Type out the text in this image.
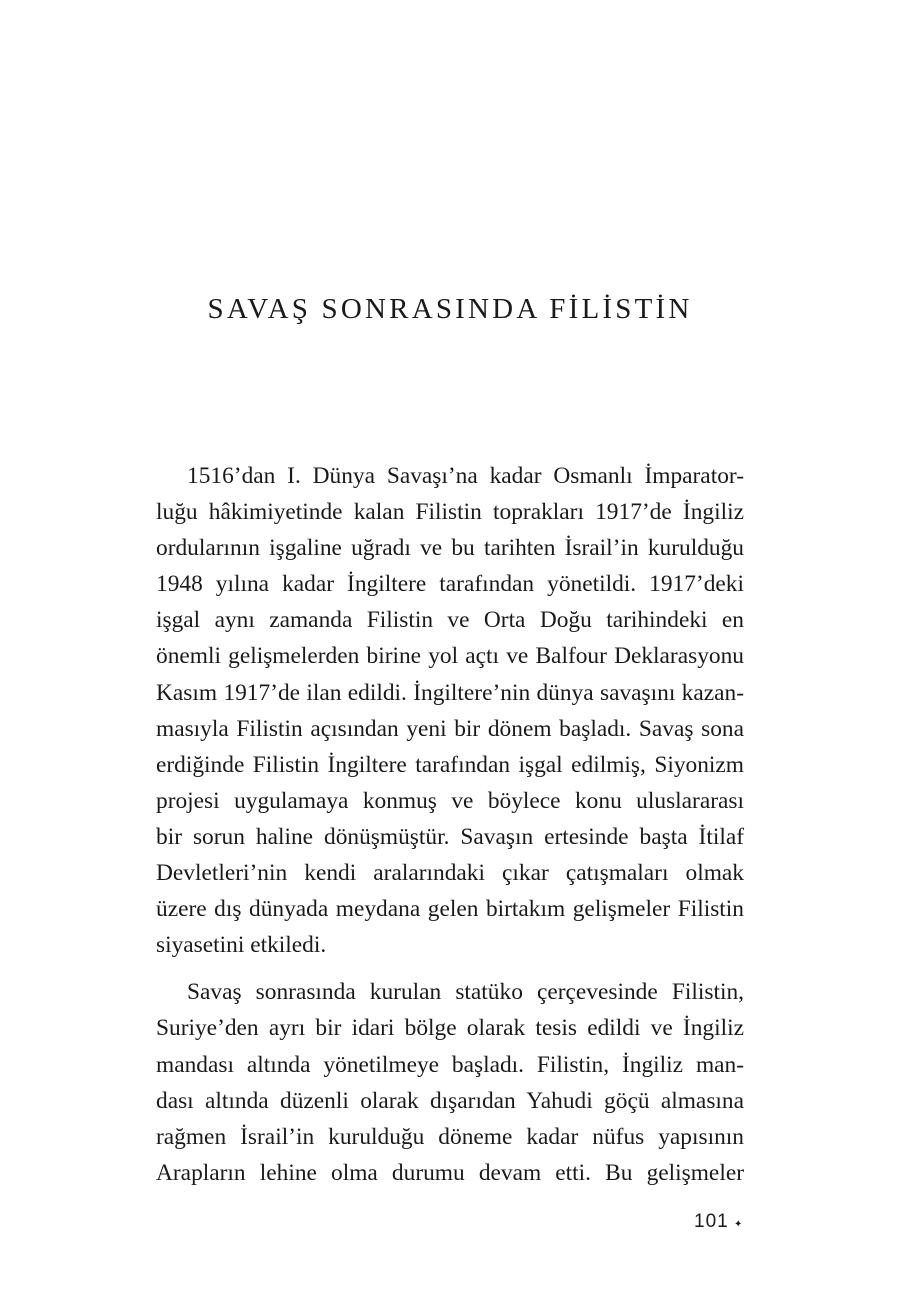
SAVAŞ SONRASINDA FİLİSTİN
1516’dan I. Dünya Savaşı’na kadar Osmanlı İmparator-
luğu hâkimiyetinde kalan Filistin toprakları 1917’de İngiliz
ordularının işgaline uğradı ve bu tarihten İsrail’in kurulduğu
1948 yılına kadar İngiltere tarafından yönetildi. 1917’deki
işgal aynı zamanda Filistin ve Orta Doğu tarihindeki en
önemli gelişmelerden birine yol açtı ve Balfour Deklarasyonu
Kasım 1917’de ilan edildi. İngiltere’nin dünya savaşını kazan-
masıyla Filistin açısından yeni bir dönem başladı. Savaş sona
erdiğinde Filistin İngiltere tarafından işgal edilmiş, Siyonizm
projesi uygulamaya konmuş ve böylece konu uluslararası
bir sorun haline dönüşmüştür. Savaşın ertesinde başta İtilaf
Devletleri’nin kendi aralarındaki çıkar çatışmaları olmak
üzere dış dünyada meydana gelen birtakım gelişmeler Filistin
siyasetini etkiledi.
Savaş sonrasında kurulan statüko çerçevesinde Filistin,
Suriye’den ayrı bir idari bölge olarak tesis edildi ve İngiliz
mandası altında yönetilmeye başladı. Filistin, İngiliz man-
dası altında düzenli olarak dışarıdan Yahudi göçü almasına
rağmen İsrail’in kurulduğu döneme kadar nüfus yapısının
Arapların lehine olma durumu devam etti. Bu gelişmeler
101 ✦
